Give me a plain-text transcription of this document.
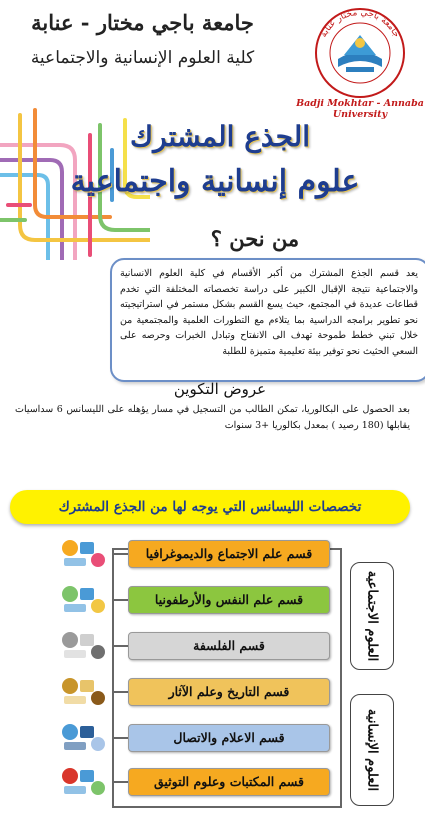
جامعة باجي مختار - عنابة
كلية العلوم الإنسانية والاجتماعية
جامعة باجي مختار عنابة
Badji Mokhtar - Annaba University
الجذع المشترك
علوم إنسانية واجتماعية
من نحن ؟

يعد قسم الجذع المشترك من أكبر الأقسام في كلية العلوم الانسانية والاجتماعية نتيجة الإقبال الكبير على دراسة تخصصاته المختلفة التي تخدم قطاعات عديدة في المجتمع، حيث يسع القسم بشكل مستمر في استراتيجيته نحو تطوير برامجه الدراسية بما يتلاءم مع التطورات العلمية والمجتمعية من خلال تبني خطط طموحة تهدف الى الانفتاح وتبادل الخبرات وحرصه على السعي الحثيث نحو توفير بيئة تعليمية متميزة للطلبة

عروض التكوين
بعد الحصول على البكالوريا، تمكن الطالب من التسجيل في مسار يؤهله على الليسانس 6 سداسيات يقابلها (180 رصيد ) بمعدل بكالوريا +3 سنوات
تخصصات الليسانس التي يوجه لها من الجذع المشترك
قسم علم الاجتماع والديموغرافيا
قسم علم النفس والأرطفونيا
قسم الفلسفة
قسم التاريخ وعلم الآثار
قسم الاعلام والاتصال
قسم المكتبات وعلوم التوثيق
العلوم الاجتماعية
العلوم الإنسانية
